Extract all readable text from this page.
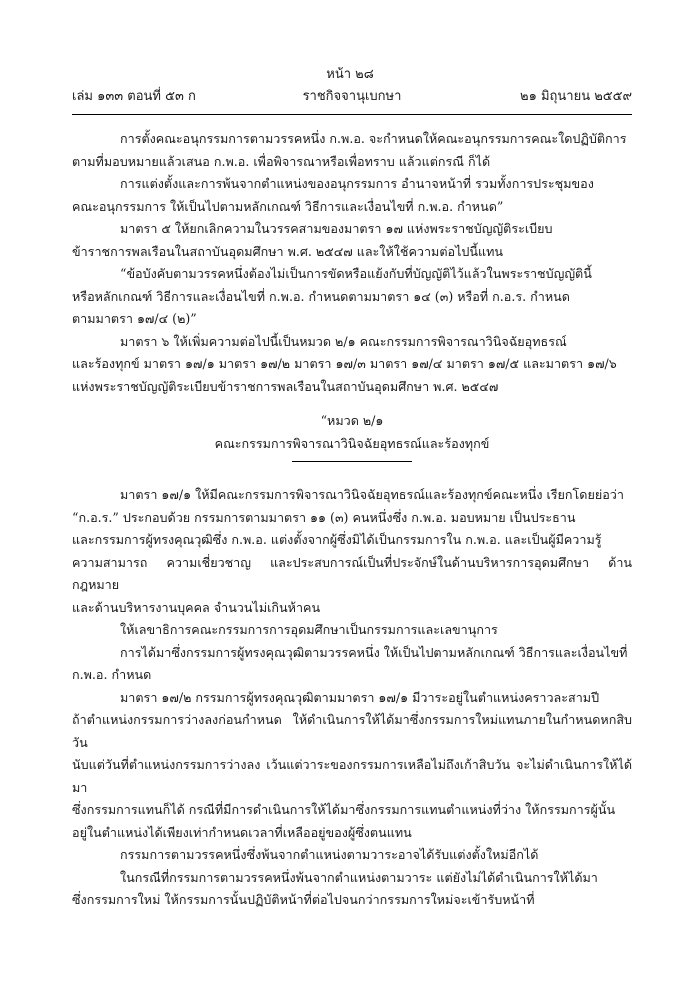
หน้า ๒๘
ราชกิจจานุเบกษา
เล่ม ๑๓๓ ตอนที่ ๕๓ ก	๒๑ มิถุนายน ๒๕๕๙

การตั้งคณะอนุกรรมการตามวรรคหนึ่ง ก.พ.อ. จะกำหนดให้คณะอนุกรรมการคณะใดปฏิบัติการ

ตามที่มอบหมายแล้วเสนอ ก.พ.อ. เพื่อพิจารณาหรือเพื่อทราบ แล้วแต่กรณี ก็ได้

การแต่งตั้งและการพ้นจากตำแหน่งของอนุกรรมการ อำนาจหน้าที่ รวมทั้งการประชุมของ

คณะอนุกรรมการ ให้เป็นไปตามหลักเกณฑ์ วิธีการและเงื่อนไขที่ ก.พ.อ. กำหนด”

มาตรา ๕ ให้ยกเลิกความในวรรคสามของมาตรา ๑๗ แห่งพระราชบัญญัติระเบียบ

ข้าราชการพลเรือนในสถาบันอุดมศึกษา พ.ศ. ๒๕๔๗ และให้ใช้ความต่อไปนี้แทน

“ข้อบังคับตามวรรคหนึ่งต้องไม่เป็นการขัดหรือแย้งกับที่บัญญัติไว้แล้วในพระราชบัญญัตินี้

หรือหลักเกณฑ์ วิธีการและเงื่อนไขที่ ก.พ.อ. กำหนดตามมาตรา ๑๔ (๓) หรือที่ ก.อ.ร. กำหนด

ตามมาตรา ๑๗/๔ (๒)”

มาตรา ๖ ให้เพิ่มความต่อไปนี้เป็นหมวด ๒/๑ คณะกรรมการพิจารณาวินิจฉัยอุทธรณ์

และร้องทุกข์ มาตรา ๑๗/๑ มาตรา ๑๗/๒ มาตรา ๑๗/๓ มาตรา ๑๗/๔ มาตรา ๑๗/๕ และมาตรา ๑๗/๖

แห่งพระราชบัญญัติระเบียบข้าราชการพลเรือนในสถาบันอุดมศึกษา พ.ศ. ๒๕๔๗

“หมวด ๒/๑

คณะกรรมการพิจารณาวินิจฉัยอุทธรณ์และร้องทุกข์

มาตรา ๑๗/๑ ให้มีคณะกรรมการพิจารณาวินิจฉัยอุทธรณ์และร้องทุกข์คณะหนึ่ง เรียกโดยย่อว่า

“ก.อ.ร.” ประกอบด้วย กรรมการตามมาตรา ๑๑ (๓) คนหนึ่งซึ่ง ก.พ.อ. มอบหมาย เป็นประธาน

และกรรมการผู้ทรงคุณวุฒิซึ่ง ก.พ.อ. แต่งตั้งจากผู้ซึ่งมิได้เป็นกรรมการใน ก.พ.อ. และเป็นผู้มีความรู้

ความสามารถ ความเชี่ยวชาญ และประสบการณ์เป็นที่ประจักษ์ในด้านบริหารการอุดมศึกษา ด้านกฎหมาย

และด้านบริหารงานบุคคล จำนวนไม่เกินห้าคน

ให้เลขาธิการคณะกรรมการการอุดมศึกษาเป็นกรรมการและเลขานุการ

การได้มาซึ่งกรรมการผู้ทรงคุณวุฒิตามวรรคหนึ่ง ให้เป็นไปตามหลักเกณฑ์ วิธีการและเงื่อนไขที่

ก.พ.อ. กำหนด

มาตรา ๑๗/๒ กรรมการผู้ทรงคุณวุฒิตามมาตรา ๑๗/๑ มีวาระอยู่ในตำแหน่งคราวละสามปี

ถ้าตำแหน่งกรรมการว่างลงก่อนกำหนด ให้ดำเนินการให้ได้มาซึ่งกรรมการใหม่แทนภายในกำหนดหกสิบวัน

นับแต่วันที่ตำแหน่งกรรมการว่างลง เว้นแต่วาระของกรรมการเหลือไม่ถึงเก้าสิบวัน จะไม่ดำเนินการให้ได้มา

ซึ่งกรรมการแทนก็ได้ กรณีที่มีการดำเนินการให้ได้มาซึ่งกรรมการแทนตำแหน่งที่ว่าง ให้กรรมการผู้นั้น

อยู่ในตำแหน่งได้เพียงเท่ากำหนดเวลาที่เหลืออยู่ของผู้ซึ่งตนแทน

กรรมการตามวรรคหนึ่งซึ่งพ้นจากตำแหน่งตามวาระอาจได้รับแต่งตั้งใหม่อีกได้

ในกรณีที่กรรมการตามวรรคหนึ่งพ้นจากตำแหน่งตามวาระ แต่ยังไม่ได้ดำเนินการให้ได้มา

ซึ่งกรรมการใหม่ ให้กรรมการนั้นปฏิบัติหน้าที่ต่อไปจนกว่ากรรมการใหม่จะเข้ารับหน้าที่
